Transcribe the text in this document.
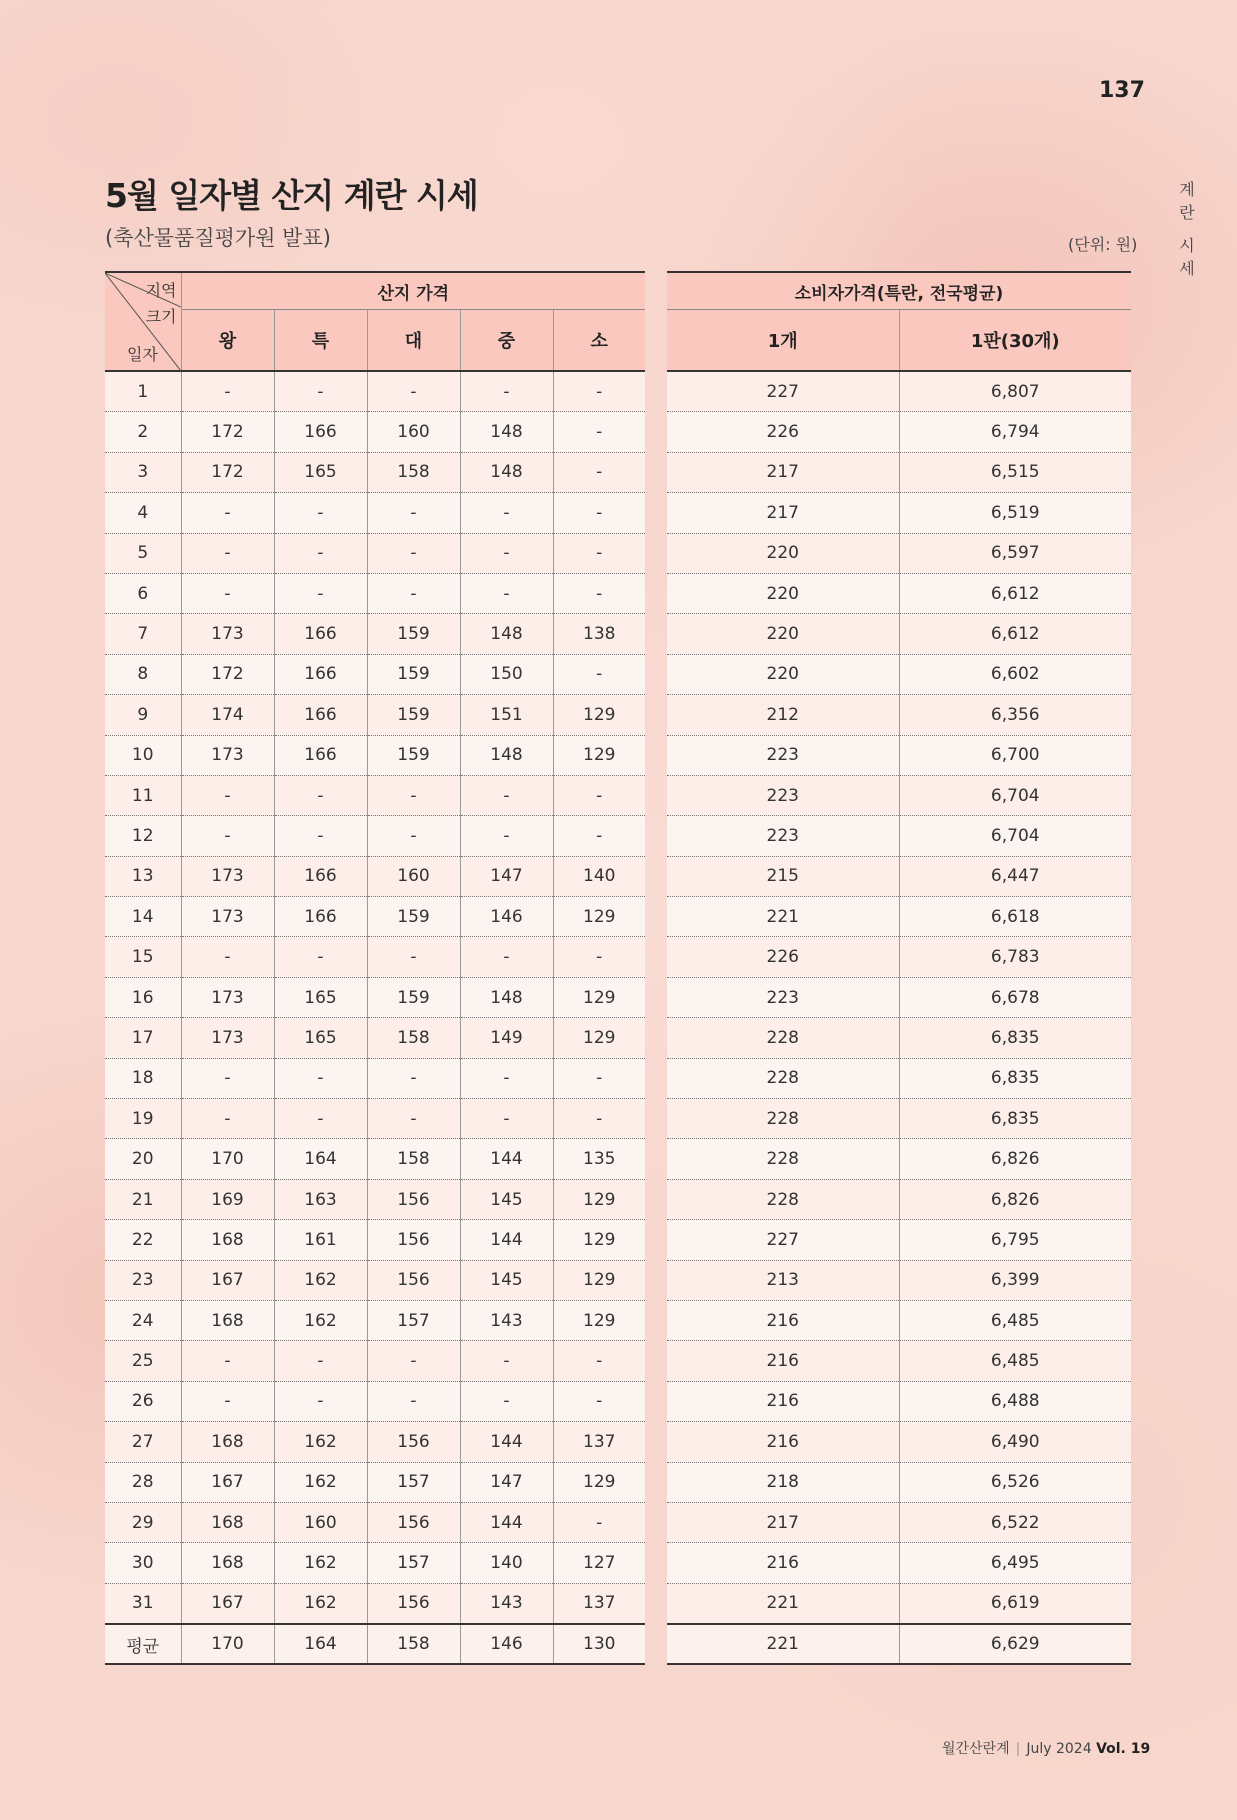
137
계
란
시
세
5월 일자별 산지 계란 시세
(축산물품질평가원 발표)	(단위: 원)
지역
크기
일자	산지 가격				
	왕	특	대	중	소
1	-	-	-	-	-
2	172	166	160	148	-
3	172	165	158	148	-
4	-	-	-	-	-
5	-	-	-	-	-
6	-	-	-	-	-
7	173	166	159	148	138
8	172	166	159	150	-
9	174	166	159	151	129
10	173	166	159	148	129
11	-	-	-	-	-
12	-	-	-	-	-
13	173	166	160	147	140
14	173	166	159	146	129
15	-	-	-	-	-
16	173	165	159	148	129
17	173	165	158	149	129
18	-	-	-	-	-
19	-	-	-	-	-
20	170	164	158	144	135
21	169	163	156	145	129
22	168	161	156	144	129
23	167	162	156	145	129
24	168	162	157	143	129
25	-	-	-	-	-
26	-	-	-	-	-
27	168	162	156	144	137
28	167	162	157	147	129
29	168	160	156	144	-
30	168	162	157	140	127
31	167	162	156	143	137
평균	170	164	158	146	130
소비자가격(특란, 전국평균)	
1개	1판(30개)
227	6,807
226	6,794
217	6,515
217	6,519
220	6,597
220	6,612
220	6,612
220	6,602
212	6,356
223	6,700
223	6,704
223	6,704
215	6,447
221	6,618
226	6,783
223	6,678
228	6,835
228	6,835
228	6,835
228	6,826
228	6,826
227	6,795
213	6,399
216	6,485
216	6,485
216	6,488
216	6,490
218	6,526
217	6,522
216	6,495
221	6,619
221	6,629
월간산란계 | July 2024 Vol. 19
